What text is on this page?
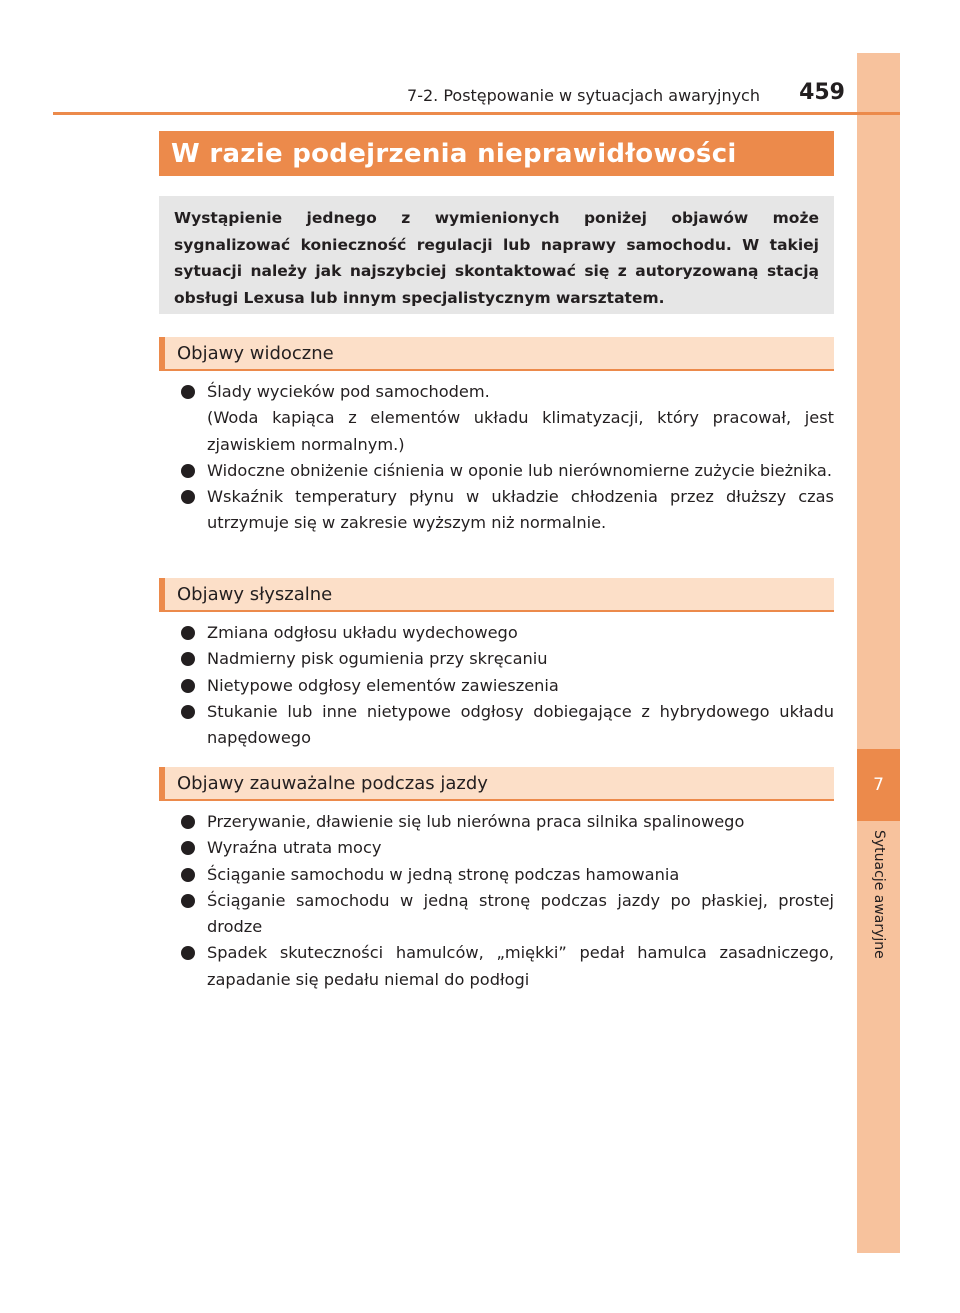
7
Sytuacje awaryjne
7-2. Postępowanie w sytuacjach awaryjnych	459
W razie podejrzenia nieprawidłowości
Wystąpienie jednego z wymienionych poniżej objawów może sygnalizować konieczność regulacji lub naprawy samochodu. W takiej sytuacji należy jak najszybciej skontaktować się z autoryzowaną stacją obsługi Lexusa lub innym specjalistycznym warsztatem.
Objawy widoczne
Ślady wycieków pod samochodem.
(Woda kapiąca z elementów układu klimatyzacji, który pracował, jest zjawiskiem normalnym.)
Widoczne obniżenie ciśnienia w oponie lub nierównomierne zużycie bieżnika.
Wskaźnik temperatury płynu w układzie chłodzenia przez dłuższy czas utrzymuje się w zakresie wyższym niż normalnie.
Objawy słyszalne
Zmiana odgłosu układu wydechowego
Nadmierny pisk ogumienia przy skręcaniu
Nietypowe odgłosy elementów zawieszenia
Stukanie lub inne nietypowe odgłosy dobiegające z hybrydowego układu napędowego
Objawy zauważalne podczas jazdy
Przerywanie, dławienie się lub nierówna praca silnika spalinowego
Wyraźna utrata mocy
Ściąganie samochodu w jedną stronę podczas hamowania
Ściąganie samochodu w jedną stronę podczas jazdy po płaskiej, prostej drodze
Spadek skuteczności hamulców, „miękki” pedał hamulca zasadniczego, zapadanie się pedału niemal do podłogi
